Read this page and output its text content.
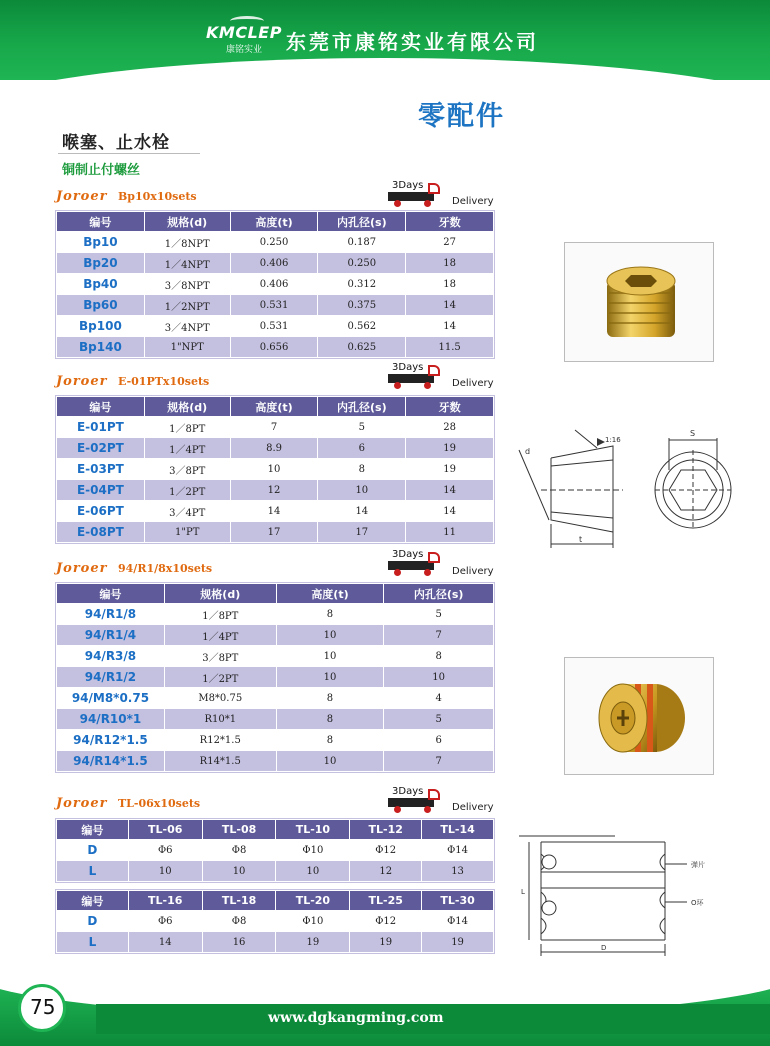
KMCLEP
康铭实业 东莞市康铭实业有限公司
零配件
喉塞、止水栓
铜制止付螺丝
Joroer Bp10x10sets
3Days
Delivery
编号	规格(d)	高度(t)	内孔径(s)	牙数
Bp10	1／8NPT	0.250	0.187	27
Bp20	1／4NPT	0.406	0.250	18
Bp40	3／8NPT	0.406	0.312	18
Bp60	1／2NPT	0.531	0.375	14
Bp100	3／4NPT	0.531	0.562	14
Bp140	1"NPT	0.656	0.625	11.5
Joroer E-01PTx10sets
3Days
Delivery
编号	规格(d)	高度(t)	内孔径(s)	牙数
E-01PT	1／8PT	7	5	28
E-02PT	1／4PT	8.9	6	19
E-03PT	3／8PT	10	8	19
E-04PT	1／2PT	12	10	14
E-06PT	3／4PT	14	14	14
E-08PT	1"PT	17	17	11
Joroer 94/R1/8x10sets
3Days
Delivery
编号	规格(d)	高度(t)	内孔径(s)
94/R1/8	1／8PT	8	5
94/R1/4	1／4PT	10	7
94/R3/8	3／8PT	10	8
94/R1/2	1／2PT	10	10
94/M8*0.75	M8*0.75	8	4
94/R10*1	R10*1	8	5
94/R12*1.5	R12*1.5	8	6
94/R14*1.5	R14*1.5	10	7
Joroer TL-06x10sets
3Days
Delivery
编号	TL-06	TL-08	TL-10	TL-12	TL-14
D	Φ6	Φ8	Φ10	Φ12	Φ14
L	10	10	10	12	13
编号	TL-16	TL-18	TL-20	TL-25	TL-30
D	Φ6	Φ8	Φ10	Φ12	Φ14
L	14	16	19	19	19
1:16
d
t
S
弹片
O环
L
D
75	www.dgkangming.com
